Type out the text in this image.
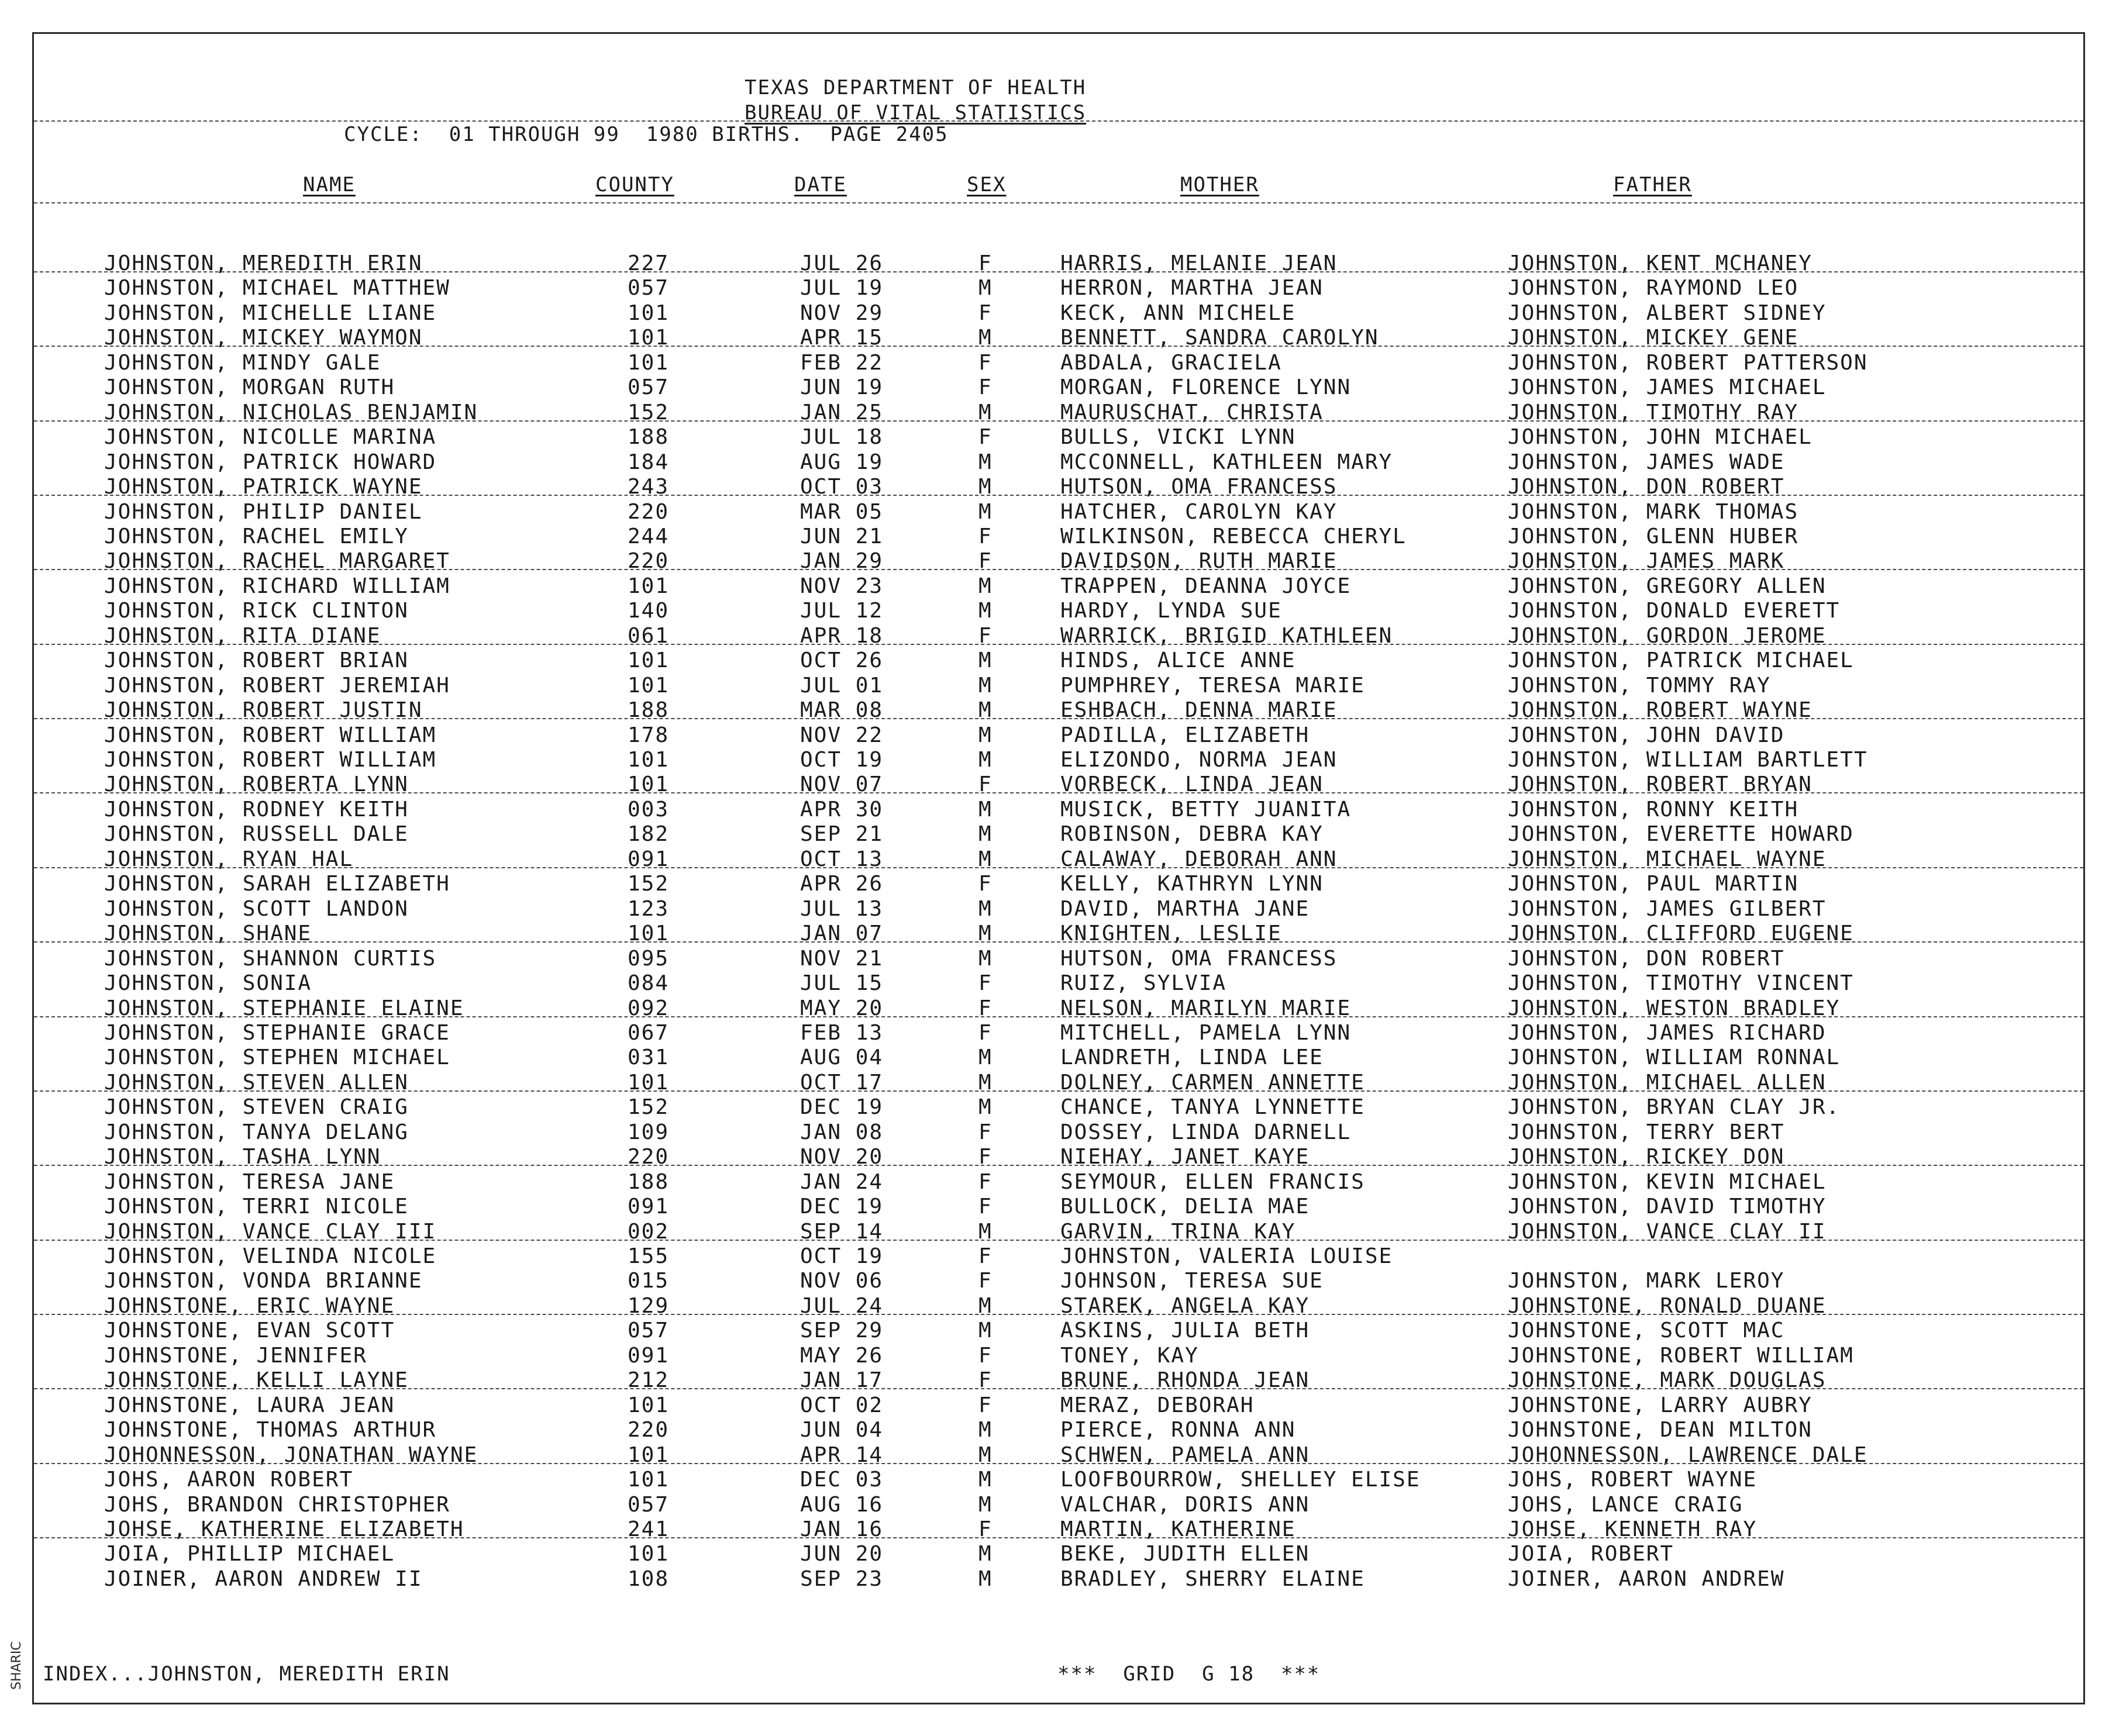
SHARIC
TEXAS DEPARTMENT OF HEALTH
BUREAU OF VITAL STATISTICS
CYCLE:  01 THROUGH 99  1980 BIRTHS.  PAGE 2405
NAME	COUNTY	DATE	SEX	MOTHER	FATHER
JOHNSTON, MEREDITH ERIN	227	JUL 26	F	HARRIS, MELANIE JEAN	JOHNSTON, KENT MCHANEY
JOHNSTON, MICHAEL MATTHEW	057	JUL 19	M	HERRON, MARTHA JEAN	JOHNSTON, RAYMOND LEO
JOHNSTON, MICHELLE LIANE	101	NOV 29	F	KECK, ANN MICHELE	JOHNSTON, ALBERT SIDNEY
JOHNSTON, MICKEY WAYMON	101	APR 15	M	BENNETT, SANDRA CAROLYN	JOHNSTON, MICKEY GENE
JOHNSTON, MINDY GALE	101	FEB 22	F	ABDALA, GRACIELA	JOHNSTON, ROBERT PATTERSON
JOHNSTON, MORGAN RUTH	057	JUN 19	F	MORGAN, FLORENCE LYNN	JOHNSTON, JAMES MICHAEL
JOHNSTON, NICHOLAS BENJAMIN	152	JAN 25	M	MAURUSCHAT, CHRISTA	JOHNSTON, TIMOTHY RAY
JOHNSTON, NICOLLE MARINA	188	JUL 18	F	BULLS, VICKI LYNN	JOHNSTON, JOHN MICHAEL
JOHNSTON, PATRICK HOWARD	184	AUG 19	M	MCCONNELL, KATHLEEN MARY	JOHNSTON, JAMES WADE
JOHNSTON, PATRICK WAYNE	243	OCT 03	M	HUTSON, OMA FRANCESS	JOHNSTON, DON ROBERT
JOHNSTON, PHILIP DANIEL	220	MAR 05	M	HATCHER, CAROLYN KAY	JOHNSTON, MARK THOMAS
JOHNSTON, RACHEL EMILY	244	JUN 21	F	WILKINSON, REBECCA CHERYL	JOHNSTON, GLENN HUBER
JOHNSTON, RACHEL MARGARET	220	JAN 29	F	DAVIDSON, RUTH MARIE	JOHNSTON, JAMES MARK
JOHNSTON, RICHARD WILLIAM	101	NOV 23	M	TRAPPEN, DEANNA JOYCE	JOHNSTON, GREGORY ALLEN
JOHNSTON, RICK CLINTON	140	JUL 12	M	HARDY, LYNDA SUE	JOHNSTON, DONALD EVERETT
JOHNSTON, RITA DIANE	061	APR 18	F	WARRICK, BRIGID KATHLEEN	JOHNSTON, GORDON JEROME
JOHNSTON, ROBERT BRIAN	101	OCT 26	M	HINDS, ALICE ANNE	JOHNSTON, PATRICK MICHAEL
JOHNSTON, ROBERT JEREMIAH	101	JUL 01	M	PUMPHREY, TERESA MARIE	JOHNSTON, TOMMY RAY
JOHNSTON, ROBERT JUSTIN	188	MAR 08	M	ESHBACH, DENNA MARIE	JOHNSTON, ROBERT WAYNE
JOHNSTON, ROBERT WILLIAM	178	NOV 22	M	PADILLA, ELIZABETH	JOHNSTON, JOHN DAVID
JOHNSTON, ROBERT WILLIAM	101	OCT 19	M	ELIZONDO, NORMA JEAN	JOHNSTON, WILLIAM BARTLETT
JOHNSTON, ROBERTA LYNN	101	NOV 07	F	VORBECK, LINDA JEAN	JOHNSTON, ROBERT BRYAN
JOHNSTON, RODNEY KEITH	003	APR 30	M	MUSICK, BETTY JUANITA	JOHNSTON, RONNY KEITH
JOHNSTON, RUSSELL DALE	182	SEP 21	M	ROBINSON, DEBRA KAY	JOHNSTON, EVERETTE HOWARD
JOHNSTON, RYAN HAL	091	OCT 13	M	CALAWAY, DEBORAH ANN	JOHNSTON, MICHAEL WAYNE
JOHNSTON, SARAH ELIZABETH	152	APR 26	F	KELLY, KATHRYN LYNN	JOHNSTON, PAUL MARTIN
JOHNSTON, SCOTT LANDON	123	JUL 13	M	DAVID, MARTHA JANE	JOHNSTON, JAMES GILBERT
JOHNSTON, SHANE	101	JAN 07	M	KNIGHTEN, LESLIE	JOHNSTON, CLIFFORD EUGENE
JOHNSTON, SHANNON CURTIS	095	NOV 21	M	HUTSON, OMA FRANCESS	JOHNSTON, DON ROBERT
JOHNSTON, SONIA	084	JUL 15	F	RUIZ, SYLVIA	JOHNSTON, TIMOTHY VINCENT
JOHNSTON, STEPHANIE ELAINE	092	MAY 20	F	NELSON, MARILYN MARIE	JOHNSTON, WESTON BRADLEY
JOHNSTON, STEPHANIE GRACE	067	FEB 13	F	MITCHELL, PAMELA LYNN	JOHNSTON, JAMES RICHARD
JOHNSTON, STEPHEN MICHAEL	031	AUG 04	M	LANDRETH, LINDA LEE	JOHNSTON, WILLIAM RONNAL
JOHNSTON, STEVEN ALLEN	101	OCT 17	M	DOLNEY, CARMEN ANNETTE	JOHNSTON, MICHAEL ALLEN
JOHNSTON, STEVEN CRAIG	152	DEC 19	M	CHANCE, TANYA LYNNETTE	JOHNSTON, BRYAN CLAY JR.
JOHNSTON, TANYA DELANG	109	JAN 08	F	DOSSEY, LINDA DARNELL	JOHNSTON, TERRY BERT
JOHNSTON, TASHA LYNN	220	NOV 20	F	NIEHAY, JANET KAYE	JOHNSTON, RICKEY DON
JOHNSTON, TERESA JANE	188	JAN 24	F	SEYMOUR, ELLEN FRANCIS	JOHNSTON, KEVIN MICHAEL
JOHNSTON, TERRI NICOLE	091	DEC 19	F	BULLOCK, DELIA MAE	JOHNSTON, DAVID TIMOTHY
JOHNSTON, VANCE CLAY III	002	SEP 14	M	GARVIN, TRINA KAY	JOHNSTON, VANCE CLAY II
JOHNSTON, VELINDA NICOLE	155	OCT 19	F	JOHNSTON, VALERIA LOUISE
JOHNSTON, VONDA BRIANNE	015	NOV 06	F	JOHNSON, TERESA SUE	JOHNSTON, MARK LEROY
JOHNSTONE, ERIC WAYNE	129	JUL 24	M	STAREK, ANGELA KAY	JOHNSTONE, RONALD DUANE
JOHNSTONE, EVAN SCOTT	057	SEP 29	M	ASKINS, JULIA BETH	JOHNSTONE, SCOTT MAC
JOHNSTONE, JENNIFER	091	MAY 26	F	TONEY, KAY	JOHNSTONE, ROBERT WILLIAM
JOHNSTONE, KELLI LAYNE	212	JAN 17	F	BRUNE, RHONDA JEAN	JOHNSTONE, MARK DOUGLAS
JOHNSTONE, LAURA JEAN	101	OCT 02	F	MERAZ, DEBORAH	JOHNSTONE, LARRY AUBRY
JOHNSTONE, THOMAS ARTHUR	220	JUN 04	M	PIERCE, RONNA ANN	JOHNSTONE, DEAN MILTON
JOHONNESSON, JONATHAN WAYNE	101	APR 14	M	SCHWEN, PAMELA ANN	JOHONNESSON, LAWRENCE DALE
JOHS, AARON ROBERT	101	DEC 03	M	LOOFBOURROW, SHELLEY ELISE	JOHS, ROBERT WAYNE
JOHS, BRANDON CHRISTOPHER	057	AUG 16	M	VALCHAR, DORIS ANN	JOHS, LANCE CRAIG
JOHSE, KATHERINE ELIZABETH	241	JAN 16	F	MARTIN, KATHERINE	JOHSE, KENNETH RAY
JOIA, PHILLIP MICHAEL	101	JUN 20	M	BEKE, JUDITH ELLEN	JOIA, ROBERT
JOINER, AARON ANDREW II	108	SEP 23	M	BRADLEY, SHERRY ELAINE	JOINER, AARON ANDREW
INDEX...JOHNSTON, MEREDITH ERIN	***  GRID  G 18  ***
